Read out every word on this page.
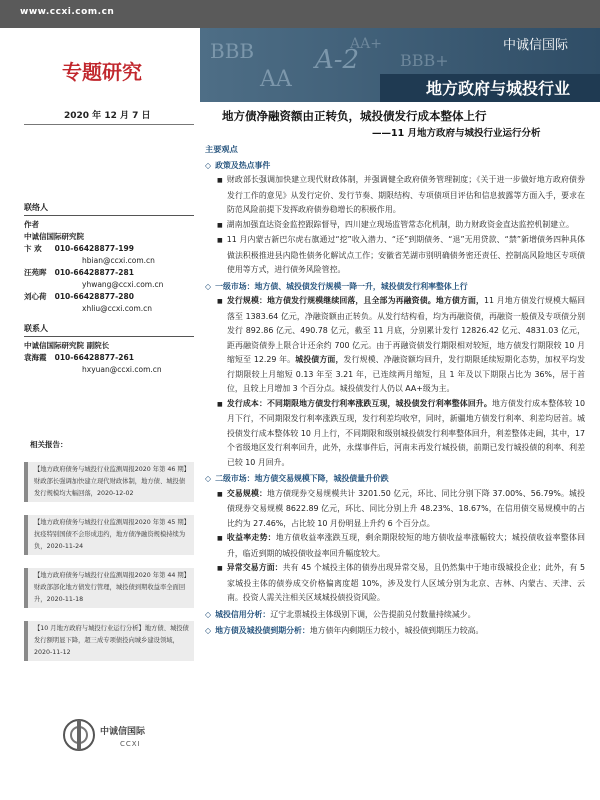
www.ccxi.com.cn
BBB
AA
A-2
AA+
BBB+
中诚信国际
地方政府与城投行业
专题研究
2020 年 12 月 7 日	地方债净融资额由正转负，城投债发行成本整体上行
——11 月地方政府与城投行业运行分析
联络人
作者
中诚信国际研究院
卞 欢 010-66428877-199
hbian@ccxi.com.cn
汪苑晖 010-66428877-281
yhwang@ccxi.com.cn
刘心荷 010-66428877-280
xhliu@ccxi.com.cn
联系人
中诚信国际研究院 副院长
袁海霞 010-66428877-261
hxyuan@ccxi.com.cn
相关报告：
【地方政府债务与城投行业监测周报2020 年第 46 期】财政部长强调加快建立现代财政体制，地方债、城投债发行规模均大幅回落，2020-12-02
【地方政府债务与城投行业监测周报2020 年第 45 期】抗疫特别国债不会形成违约，地方债净融资规模持续为负，2020-11-24
【地方政府债务与城投行业监测周报2020 年第 44 期】财政部部化地方债发行管理，城投债到期收益率全面回升，2020-11-18
【10 月地方政府与城投行业运行分析】地方债、城投债发行额明显下降，超三成专项债投向城乡建设领域，2020-11-12
中诚信国际
CCXI
主要观点
◇ 政策及热点事件
■ 财政部长强调加快建立现代财政体制，并强调健全政府债务管理制度；《关于进一步做好地方政府债券发行工作的意见》从发行定价、发行节奏、期限结构、专项债项目评估和信息披露等方面入手，要求在防范风险前提下发挥政府债券稳增长的积极作用。
■ 湖南加强直达资金监控跟踪督导，四川建立现场监管常态化机制，助力财政资金直达监控机制建立。
■ 11 月内蒙古新巴尔虎右旗通过“挖”收入潜力、“还”到期债务、“退”无用贷款、“禁”新增债务四种具体做法积极推进县内隐性债务化解试点工作；安徽省芜湖市别明确债务密还责任、控制高风险地区专项债使用等方式，进行债务风险管控。
◇ 一级市场：地方债、城投债发行规模一降一升，城投债发行利率整体上行
■ 发行规模：地方债发行规模继续回落，且全部为再融资债。地方债方面，11 月地方债发行规模大幅回落至 1383.64 亿元，净融资额由正转负。从发行结构看，均为再融资债，再融资一般债及专项债分别发行 892.86 亿元、490.78 亿元，截至 11 月底，分别累计发行 12826.42 亿元、4831.03 亿元，距再融资债券上限合计还余约 700 亿元。由于再融资债发行期限相对较短，地方债发行期限较 10 月缩短至 12.29 年。城投债方面，发行规模、净融资额均回升，发行期限延续短期化态势，加权平均发行期限较上月缩短 0.13 年至 3.21 年，已连续两月缩短，且 1 年及以下期限占比为 36%，居于首位，且较上月增加 3 个百分点。城投债发行人仍以 AA+级为主。
■ 发行成本：不同期限地方债发行利率涨跌互现，城投债发行利率整体回升。地方债发行成本整体较 10 月下行，不同期限发行利率涨跌互现，发行利差均收窄，同时，新疆地方债发行利率、利差均居首。城投债发行成本整体较 10 月上行，不同期限和级别城投债发行利率整体回升，利差整体走阔，其中，17 个省级地区发行利率回升，此外，永煤事件后，河南未再发行城投债，前期已发行城投债的利率、利差已较 10 月回升。
◇ 二级市场：地方债交易规模下降，城投债量升价跌
■ 交易规模：地方债现券交易规模共计 3201.50 亿元，环比、同比分别下降 37.00%、56.79%。城投债现券交易规模 8622.89 亿元，环比、同比分别上升 48.23%、18.67%，在信用债交易规模中的占比约为 27.46%，占比较 10 月份明显上升约 6 个百分点。
■ 收益率走势：地方债收益率涨跌互现，剩余期限较短的地方债收益率涨幅较大；城投债收益率整体回升，临近到期的城投债收益率回升幅度较大。
■ 异常交易方面：共有 45 个城投主体的债券出现异常交易，且仍然集中于地市级城投企业；此外，有 5 家城投主体的债券成交价格偏离度超 10%，涉及发行人区域分别为北京、吉林、内蒙古、天津、云南。投资人需关注相关区域城投债投资风险。
◇ 城投信用分析：辽宁北票城投主体级别下调，公告提前兑付数量持续减少。
◇ 地方债及城投债到期分析：地方债年内剩期压力较小，城投债到期压力较高。
